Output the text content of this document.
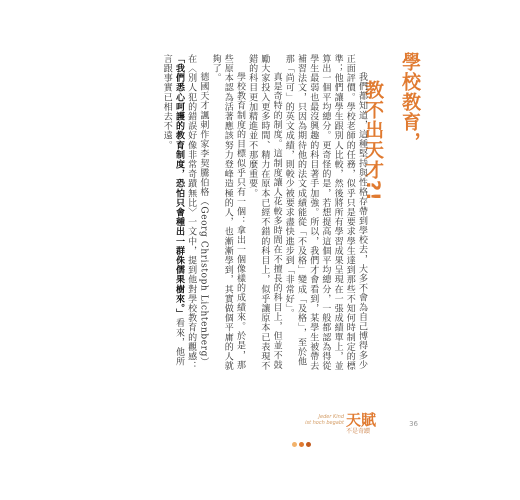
學校教育，
教不出天才?!

我們都知道，這種堅持與性格存帶到學校去，大多不會為自己博得多少正面評價。學校老師的任務，似乎只是要求學生達到那些不知何時制定的標準；他們讓學生跟別人比較，然後將所有學習成果呈現在一張成績單上，並算出一個平均總分。更奇怪的是，若想提高這個平均總分，一般都認為得從學生最弱也最沒興趣的科目著手加強。所以，我們才會看到，某學生被帶去補習法文，只因為期待他的法文成績能從「不及格」變成「及格」，至於他那「尚可」的英文成績，則較少被要求盡快進步到「非常好」。

真是奇特的制度。這制度讓人花較多時間在不擅長的科目上，但並不鼓勵大家投入更多時間、精力在原本已經不錯的科目上，似乎讓原本已表現不錯的科目更加精進並不那麼重要。

學校教育制度的目標似乎只有一個：拿出一個像樣的成績來。於是，那些原本認為活著應該努力登峰造極的人，也漸漸學到，其實做個平庸的人就夠了。

德國天才諷刺作家李契騰伯格（Georg Christoph Lichtenberg）在〈別人犯的錯誤好像非常奇蹟無比〉一文中，提到他對學校教育的觀感：「我們悉心呵護的教育制度，恐怕只會種出一群侏儒果樹來。」看來，他所言跟事實已相去不遠。

Jeder Kind
ist hoch begabt 天賦
不是奇蹟
36
